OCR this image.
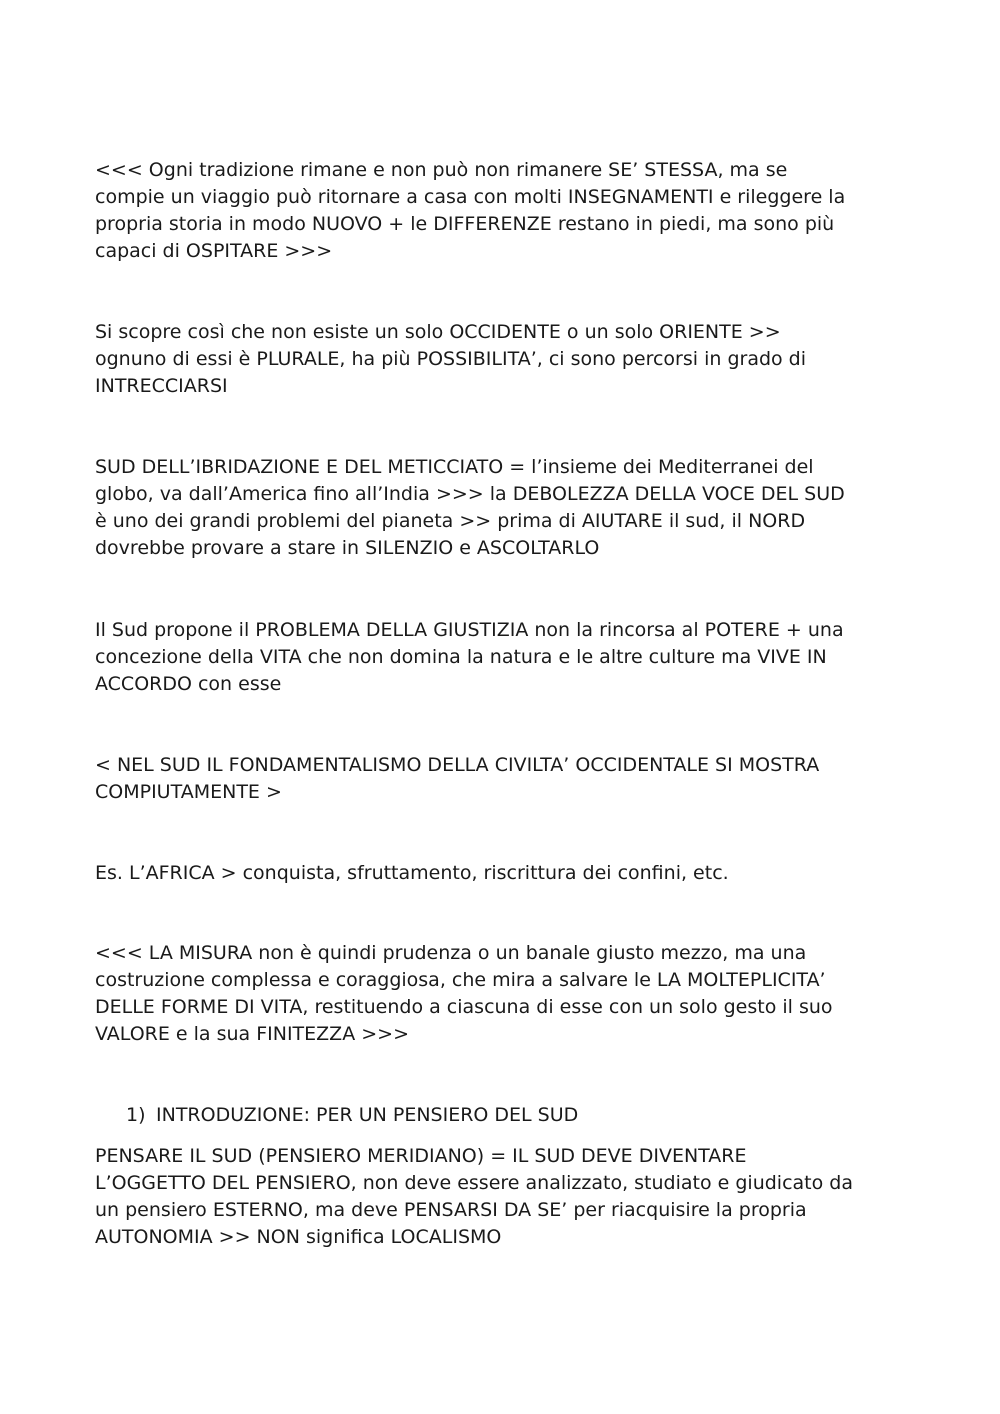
<<< Ogni tradizione rimane e non può non rimanere SE’ STESSA, ma se
compie un viaggio può ritornare a casa con molti INSEGNAMENTI e rileggere la
propria storia in modo NUOVO + le DIFFERENZE restano in piedi, ma sono più
capaci di OSPITARE >>>

Si scopre così che non esiste un solo OCCIDENTE o un solo ORIENTE >>
ognuno di essi è PLURALE, ha più POSSIBILITA’, ci sono percorsi in grado di
INTRECCIARSI

SUD DELL’IBRIDAZIONE E DEL METICCIATO = l’insieme dei Mediterranei del
globo, va dall’America fino all’India >>> la DEBOLEZZA DELLA VOCE DEL SUD
è uno dei grandi problemi del pianeta >> prima di AIUTARE il sud, il NORD
dovrebbe provare a stare in SILENZIO e ASCOLTARLO

Il Sud propone il PROBLEMA DELLA GIUSTIZIA non la rincorsa al POTERE + una
concezione della VITA che non domina la natura e le altre culture ma VIVE IN
ACCORDO con esse

< NEL SUD IL FONDAMENTALISMO DELLA CIVILTA’ OCCIDENTALE SI MOSTRA
COMPIUTAMENTE >

Es. L’AFRICA > conquista, sfruttamento, riscrittura dei confini, etc.

<<< LA MISURA non è quindi prudenza o un banale giusto mezzo, ma una
costruzione complessa e coraggiosa, che mira a salvare le LA MOLTEPLICITA’
DELLE FORME DI VITA, restituendo a ciascuna di esse con un solo gesto il suo
VALORE e la sua FINITEZZA >>>

1) INTRODUZIONE: PER UN PENSIERO DEL SUD

PENSARE IL SUD (PENSIERO MERIDIANO) = IL SUD DEVE DIVENTARE
L’OGGETTO DEL PENSIERO, non deve essere analizzato, studiato e giudicato da
un pensiero ESTERNO, ma deve PENSARSI DA SE’ per riacquisire la propria
AUTONOMIA >> NON significa LOCALISMO
